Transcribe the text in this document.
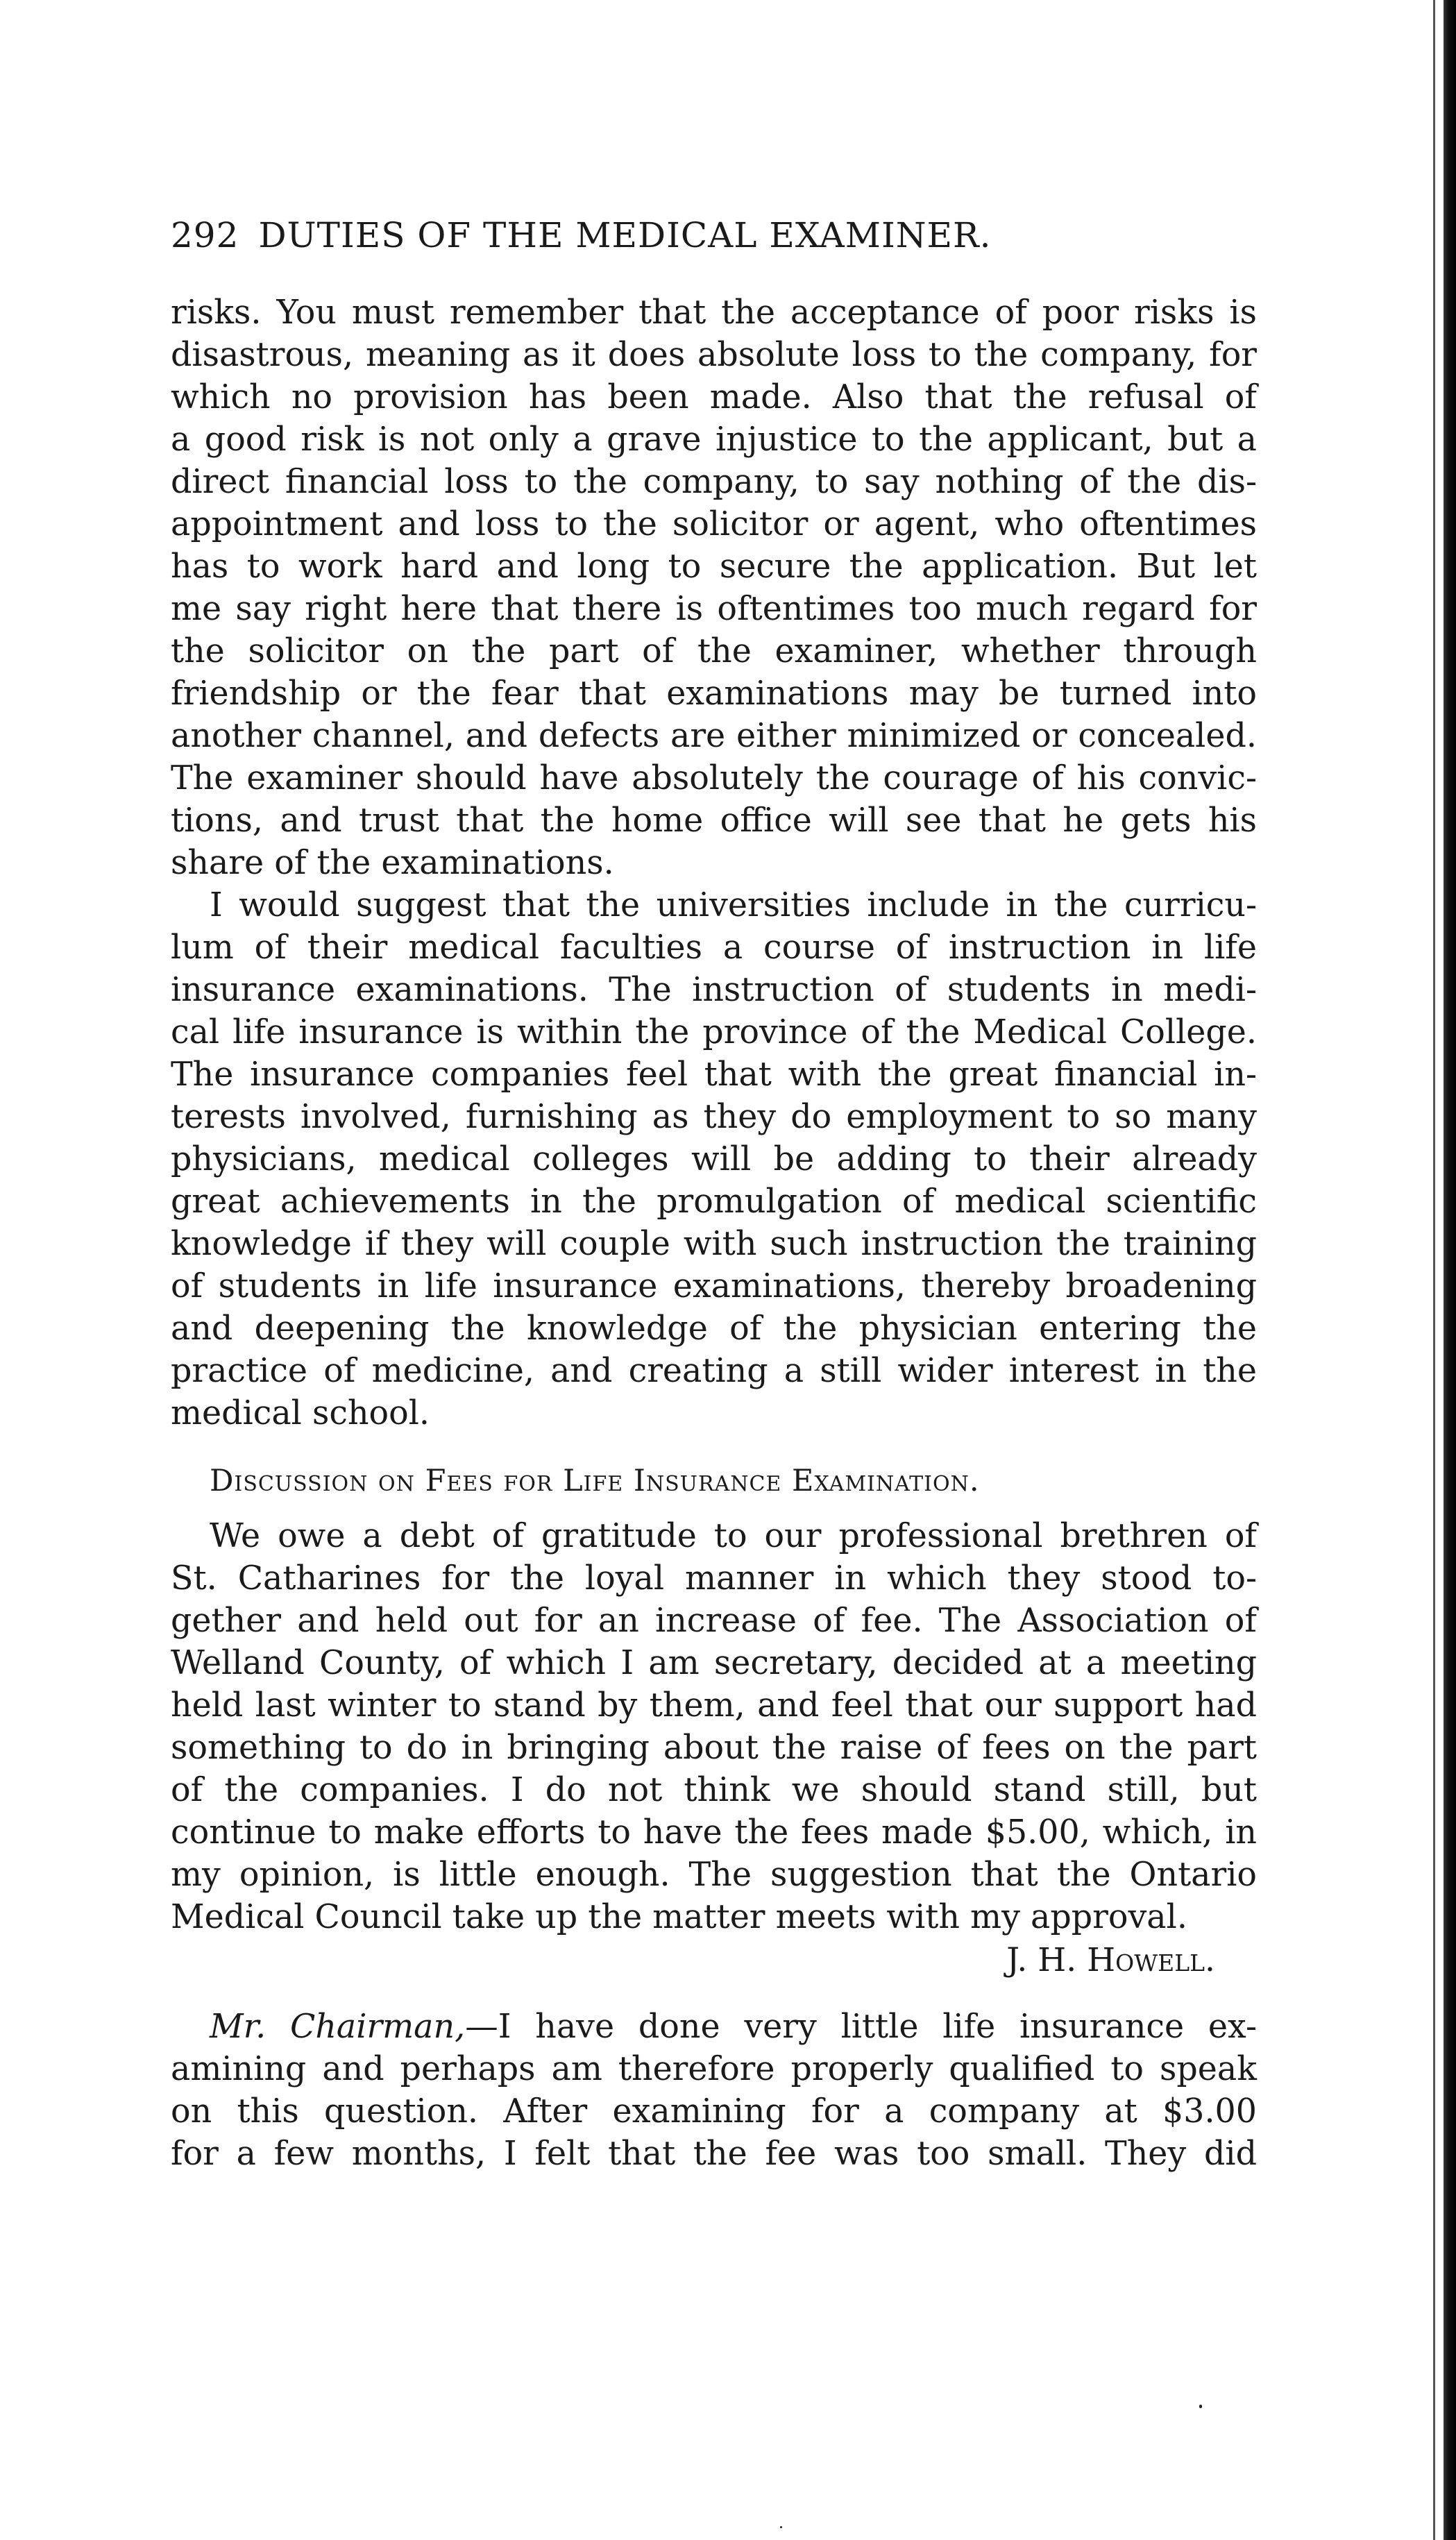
292 DUTIES OF THE MEDICAL EXAMINER.
risks. You must remember that the acceptance of poor risks is
disastrous, meaning as it does absolute loss to the company, for
which no provision has been made. Also that the refusal of
a good risk is not only a grave injustice to the applicant, but a
direct financial loss to the company, to say nothing of the dis-
appointment and loss to the solicitor or agent, who oftentimes
has to work hard and long to secure the application. But let
me say right here that there is oftentimes too much regard for
the solicitor on the part of the examiner, whether through
friendship or the fear that examinations may be turned into
another channel, and defects are either minimized or concealed.
The examiner should have absolutely the courage of his convic-
tions, and trust that the home office will see that he gets his
share of the examinations.
I would suggest that the universities include in the curricu-
lum of their medical faculties a course of instruction in life
insurance examinations. The instruction of students in medi-
cal life insurance is within the province of the Medical College.
The insurance companies feel that with the great financial in-
terests involved, furnishing as they do employment to so many
physicians, medical colleges will be adding to their already
great achievements in the promulgation of medical scientific
knowledge if they will couple with such instruction the training
of students in life insurance examinations, thereby broadening
and deepening the knowledge of the physician entering the
practice of medicine, and creating a still wider interest in the
medical school.
Discussion on Fees for Life Insurance Examination.
We owe a debt of gratitude to our professional brethren of
St. Catharines for the loyal manner in which they stood to-
gether and held out for an increase of fee. The Association of
Welland County, of which I am secretary, decided at a meeting
held last winter to stand by them, and feel that our support had
something to do in bringing about the raise of fees on the part
of the companies. I do not think we should stand still, but
continue to make efforts to have the fees made $5.00, which, in
my opinion, is little enough. The suggestion that the Ontario
Medical Council take up the matter meets with my approval.
J. H. Howell.
Mr. Chairman,—I have done very little life insurance ex-
amining and perhaps am therefore properly qualified to speak
on this question. After examining for a company at $3.00
for a few months, I felt that the fee was too small. They did
